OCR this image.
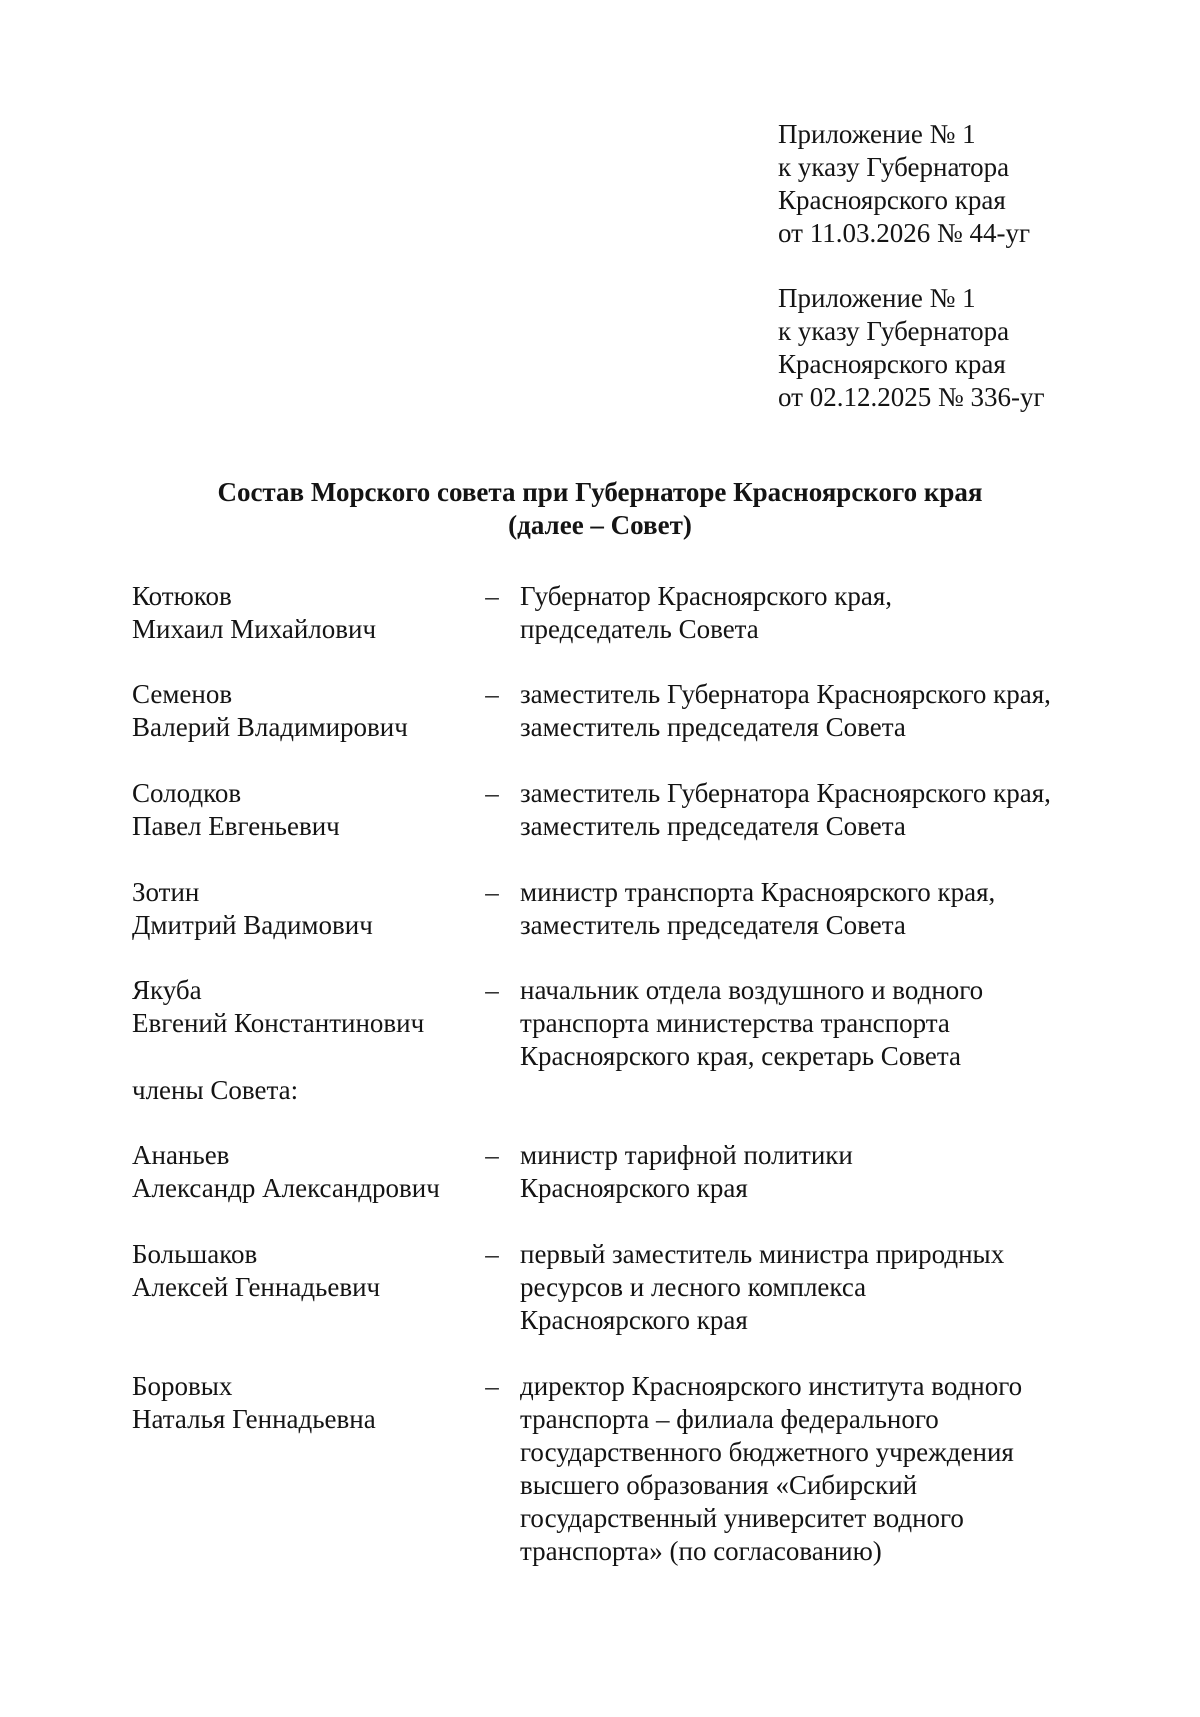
Приложение № 1
к указу Губернатора
Красноярского края
от 11.03.2026 № 44-уг
Приложение № 1
к указу Губернатора
Красноярского края
от 02.12.2025 № 336-уг
Состав Морского совета при Губернаторе Красноярского края
(далее – Совет)
Котюков
Михаил Михайлович
– Губернатор Красноярского края,
председатель Совета
Семенов
Валерий Владимирович
– заместитель Губернатора Красноярского края,
заместитель председателя Совета
Солодков
Павел Евгеньевич
– заместитель Губернатора Красноярского края,
заместитель председателя Совета
Зотин
Дмитрий Вадимович
– министр транспорта Красноярского края,
заместитель председателя Совета
Якуба
Евгений Константинович
– начальник отдела воздушного и водного
транспорта министерства транспорта
Красноярского края, секретарь Совета
члены Совета:
Ананьев
Александр Александрович
– министр тарифной политики
Красноярского края
Большаков
Алексей Геннадьевич
– первый заместитель министра природных
ресурсов и лесного комплекса
Красноярского края
Боровых
Наталья Геннадьевна
– директор Красноярского института водного
транспорта – филиала федерального
государственного бюджетного учреждения
высшего образования «Сибирский
государственный университет водного
транспорта» (по согласованию)
